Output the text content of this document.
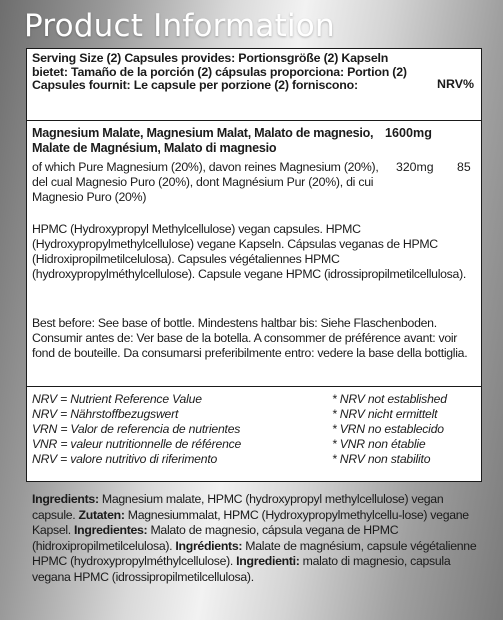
Product Information
Serving Size (2) Capsules provides: Portionsgröße (2) Kapseln bietet: Tamaño de la porción (2) cápsulas proporciona: Portion (2) Capsules fournit: Le capsule per porzione (2) forniscono:	NRV%
Magnesium Malate, Magnesium Malat, Malato de magnesio, Malate de Magnésium, Malato di magnesio
1600mg
of which Pure Magnesium (20%), davon reines Magnesium (20%), del cual Magnesio Puro (20%), dont Magnésium Pur (20%), di cui Magnesio Puro (20%)
320mg 85
HPMC (Hydroxypropyl Methylcellulose) vegan capsules. HPMC (Hydroxypropylmethylcellulose) vegane Kapseln. Cápsulas veganas de HPMC (Hidroxipropilmetilcelulosa). Capsules végétaliennes HPMC (hydroxypropylméthylcellulose). Capsule vegane HPMC (idrossipropilmetilcellulosa).
Best before: See base of bottle. Mindestens haltbar bis: Siehe Flaschenboden. Consumir antes de: Ver base de la botella. A consommer de préférence avant: voir fond de bouteille. Da consumarsi preferibilmente entro: vedere la base della bottiglia.
NRV = Nutrient Reference Value
NRV = Nährstoffbezugswert
VRN = Valor de referencia de nutrientes
VNR = valeur nutritionnelle de référence
NRV = valore nutritivo di riferimento
* NRV not established
* NRV nicht ermittelt
* VRN no establecido
* VNR non établie
* NRV non stabilito
Ingredients: Magnesium malate, HPMC (hydroxypropyl methylcellulose) vegan capsule. Zutaten: Magnesiummalat, HPMC (Hydroxypropylmethylcellu-lose) vegane Kapsel. Ingredientes: Malato de magnesio, cápsula vegana de HPMC (hidroxipropilmetilcelulosa). Ingrédients: Malate de magnésium, capsule végétalienne HPMC (hydroxypropylméthylcellulose). Ingredienti: malato di magnesio, capsula vegana HPMC (idrossipropilmetilcellulosa).
